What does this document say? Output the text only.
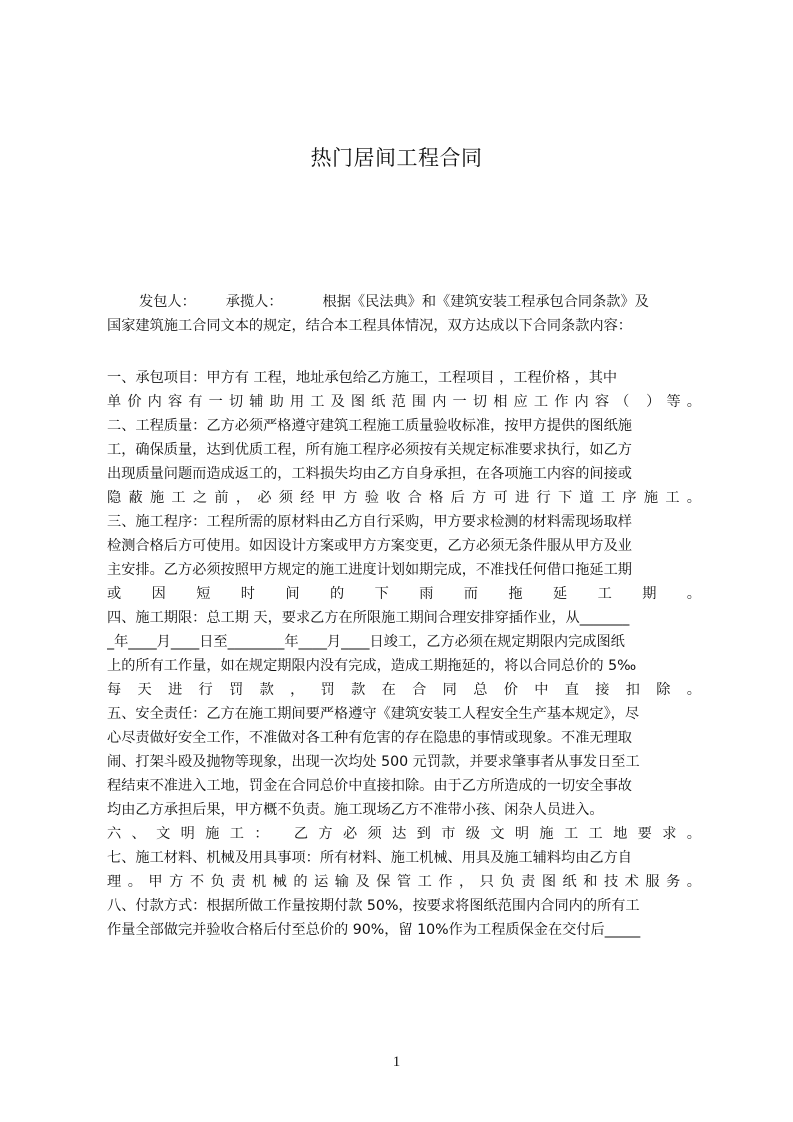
热门居间工程合同
发包人： 承揽人：	根据《民法典》和《建筑安装工程承包合同条款》及
国家建筑施工合同文本的规定，结合本工程具体情况，双方达成以下合同条款内容：
一、承包项目：甲方有 工程，地址承包给乙方施工，工程项目 ，工程价格 ，其中
单价内容有一切辅助用工及图纸范围内一切相应工作内容（ ）等。
二、工程质量：乙方必须严格遵守建筑工程施工质量验收标准，按甲方提供的图纸施
工，确保质量，达到优质工程，所有施工程序必须按有关规定标准要求执行，如乙方
出现质量问题而造成返工的，工料损失均由乙方自身承担，在各项施工内容的间接或
隐蔽施工之前，必须经甲方验收合格后方可进行下道工序施工。
三、施工程序：工程所需的原材料由乙方自行采购，甲方要求检测的材料需现场取样
检测合格后方可使用。如因设计方案或甲方方案变更，乙方必须无条件服从甲方及业
主安排。乙方必须按照甲方规定的施工进度计划如期完成，不准找任何借口拖延工期
或因短时间的下雨而拖延工期。
四、施工期限：总工期 天，要求乙方在所限施工期间合理安排穿插作业，从_______
_年____月____日至________年____月____日竣工，乙方必须在规定期限内完成图纸
上的所有工作量，如在规定期限内没有完成，造成工期拖延的，将以合同总价的 5‰
每天进行罚款，罚款在合同总价中直接扣除。
五、安全责任：乙方在施工期间要严格遵守《建筑安装工人程安全生产基本规定》，尽
心尽责做好安全工作，不准做对各工种有危害的存在隐患的事情或现象。不准无理取
闹、打架斗殴及抛物等现象，出现一次均处 500 元罚款，并要求肇事者从事发日至工
程结束不准进入工地，罚金在合同总价中直接扣除。由于乙方所造成的一切安全事故
均由乙方承担后果，甲方概不负责。施工现场乙方不准带小孩、闲杂人员进入。
六、文明施工： 乙方必须达到市级文明施工工地要求。
七、施工材料、机械及用具事项：所有材料、施工机械、用具及施工辅料均由乙方自
理。甲方不负责机械的运输及保管工作，只负责图纸和技术服务。
八、付款方式：根据所做工作量按期付款 50%，按要求将图纸范围内合同内的所有工
作量全部做完并验收合格后付至总价的 90%，留 10%作为工程质保金在交付后_____
1
